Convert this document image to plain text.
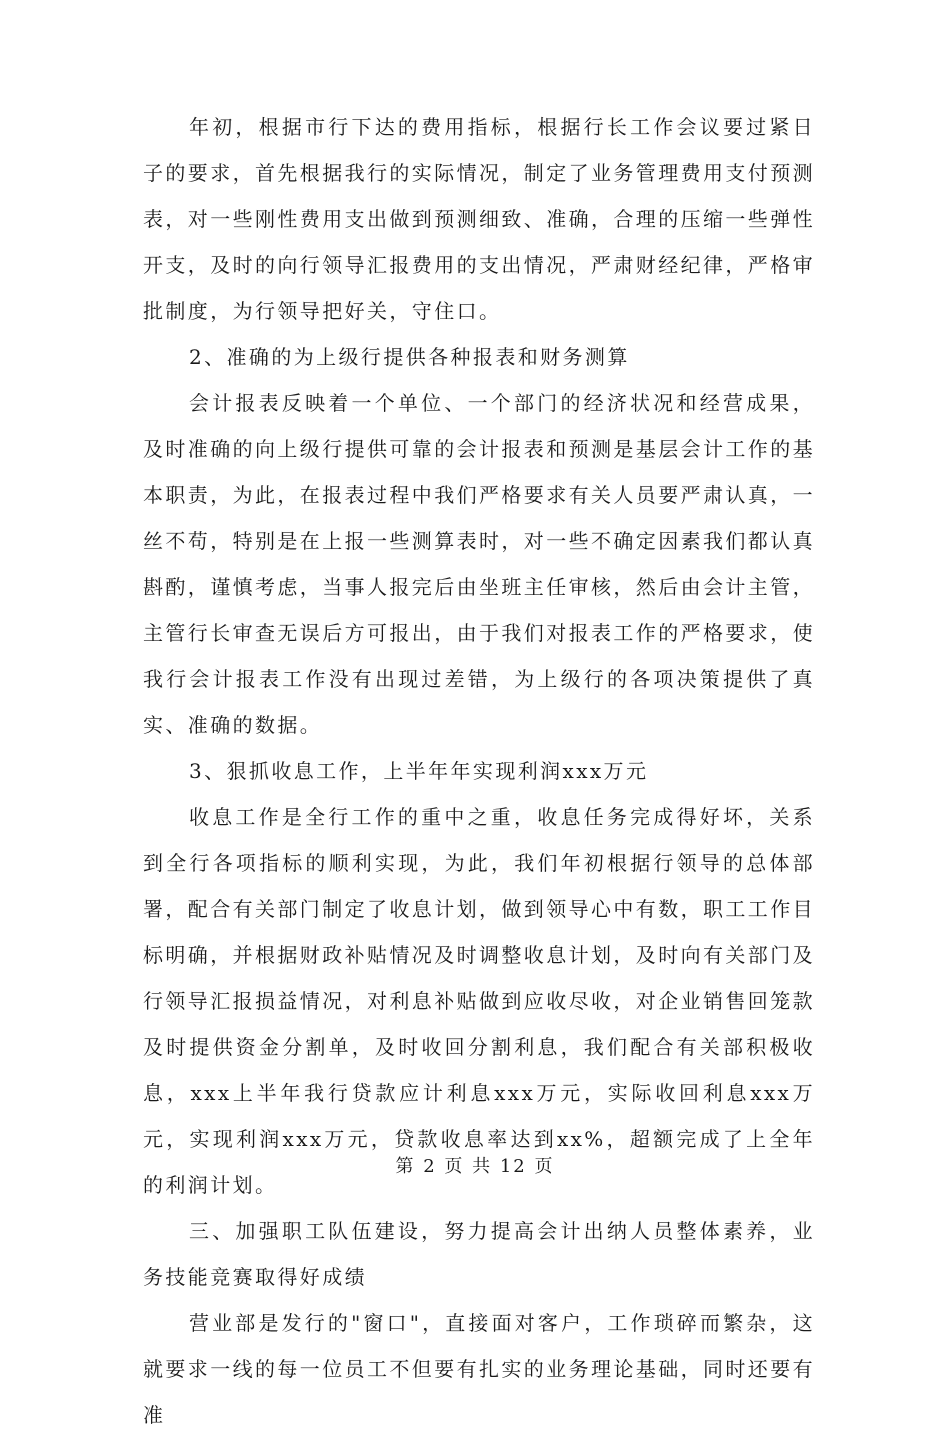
年初，根据市行下达的费用指标，根据行长工作会议要过紧日子的要求，首先根据我行的实际情况，制定了业务管理费用支付预测表，对一些刚性费用支出做到预测细致、准确，合理的压缩一些弹性开支，及时的向行领导汇报费用的支出情况，严肃财经纪律，严格审批制度，为行领导把好关，守住口。

2、准确的为上级行提供各种报表和财务测算

会计报表反映着一个单位、一个部门的经济状况和经营成果，及时准确的向上级行提供可靠的会计报表和预测是基层会计工作的基本职责，为此，在报表过程中我们严格要求有关人员要严肃认真，一丝不苟，特别是在上报一些测算表时，对一些不确定因素我们都认真斟酌，谨慎考虑，当事人报完后由坐班主任审核，然后由会计主管，主管行长审查无误后方可报出，由于我们对报表工作的严格要求，使我行会计报表工作没有出现过差错，为上级行的各项决策提供了真实、准确的数据。

3、狠抓收息工作，上半年年实现利润xxx万元

收息工作是全行工作的重中之重，收息任务完成得好坏，关系到全行各项指标的顺利实现，为此，我们年初根据行领导的总体部署，配合有关部门制定了收息计划，做到领导心中有数，职工工作目标明确，并根据财政补贴情况及时调整收息计划，及时向有关部门及行领导汇报损益情况，对利息补贴做到应收尽收，对企业销售回笼款及时提供资金分割单，及时收回分割利息，我们配合有关部积极收息，xxx上半年我行贷款应计利息xxx万元，实际收回利息xxx万元，实现利润xxx万元，贷款收息率达到xx%，超额完成了上全年的利润计划。

三、加强职工队伍建设，努力提高会计出纳人员整体素养，业务技能竞赛取得好成绩

营业部是发行的"窗口"，直接面对客户，工作琐碎而繁杂，这就要求一线的每一位员工不但要有扎实的业务理论基础，同时还要有准

第 2 页 共 12 页
